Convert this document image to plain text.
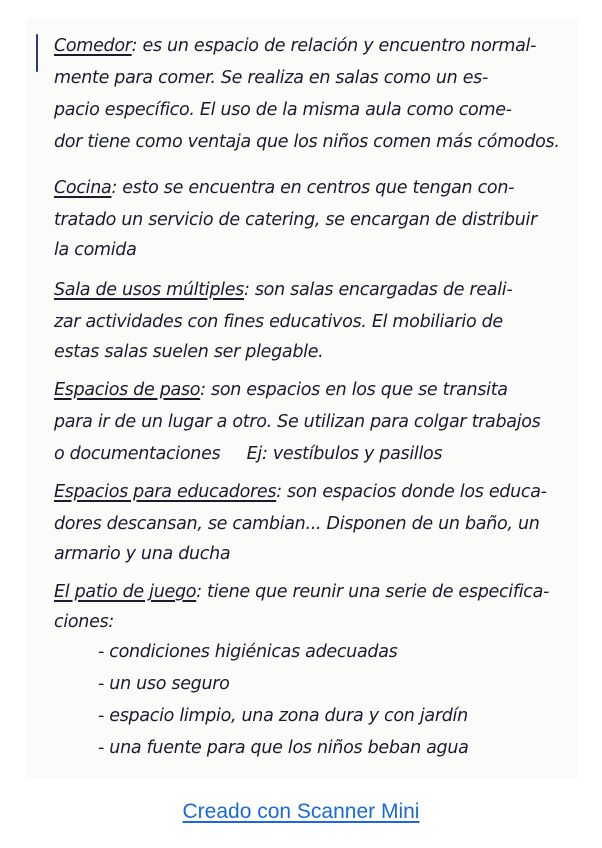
Comedor: es un espacio de relación y encuentro normal-
mente para comer. Se realiza en salas como un es-
pacio específico. El uso de la misma aula como come-
dor tiene como ventaja que los niños comen más cómodos.
Cocina: esto se encuentra en centros que tengan con-
tratado un servicio de catering, se encargan de distribuir
la comida
Sala de usos múltiples: son salas encargadas de reali-
zar actividades con fines educativos. El mobiliario de
estas salas suelen ser plegable.
Espacios de paso: son espacios en los que se transita
para ir de un lugar a otro. Se utilizan para colgar trabajos
o documentaciones     Ej: vestíbulos y pasillos
Espacios para educadores: son espacios donde los educa-
dores descansan, se cambian... Disponen de un baño, un
armario y una ducha
El patio de juego: tiene que reunir una serie de especifica-
ciones:
- condiciones higiénicas adecuadas
- un uso seguro
- espacio limpio, una zona dura y con jardín
- una fuente para que los niños beban agua
Creado con Scanner Mini
